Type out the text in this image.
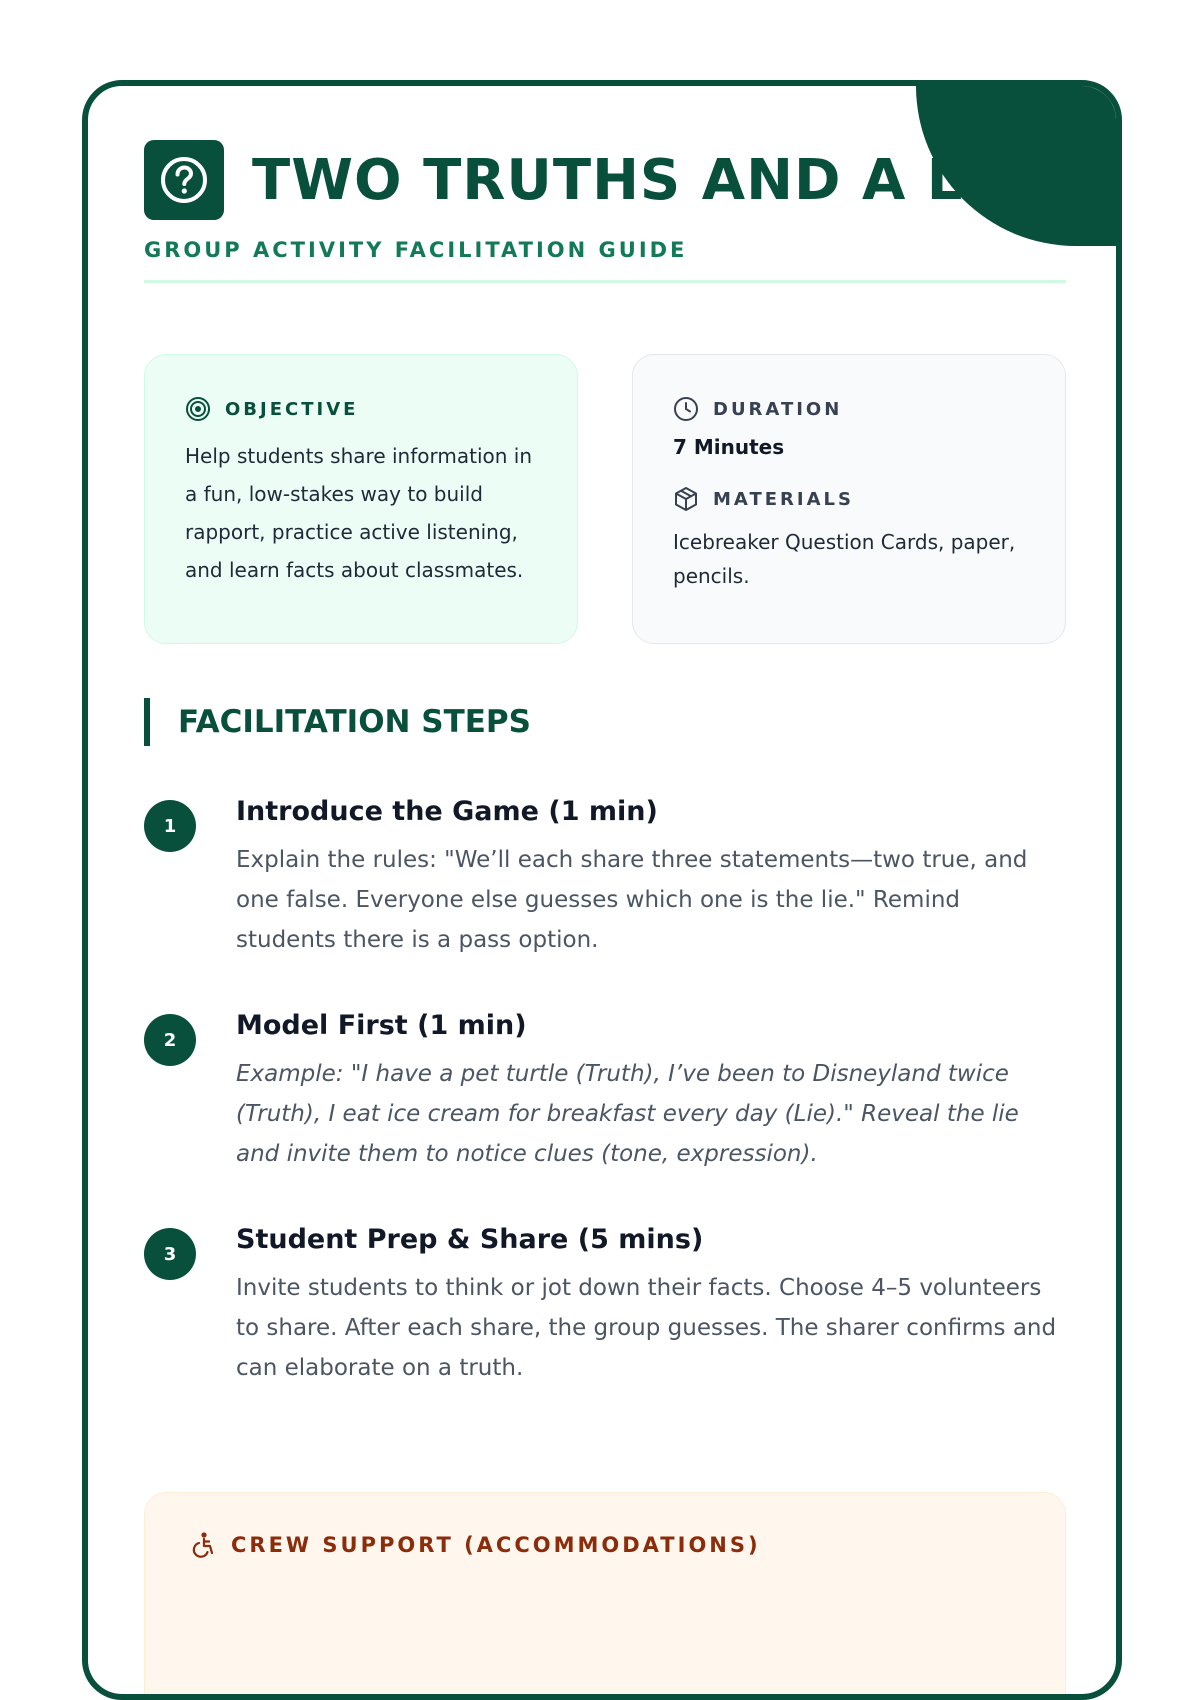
TWO TRUTHS AND A LIE
GROUP ACTIVITY FACILITATION GUIDE
OBJECTIVE
Help students share information in a fun, low-stakes way to build rapport, practice active listening, and learn facts about classmates.
DURATION
7 Minutes
MATERIALS
Icebreaker Question Cards, paper, pencils.
FACILITATION STEPS
1	Introduce the Game (1 min)
Explain the rules: "We’ll each share three statements—two true, and one false. Everyone else guesses which one is the lie." Remind students there is a pass option.
2	Model First (1 min)
Example: "I have a pet turtle (Truth), I’ve been to Disneyland twice (Truth), I eat ice cream for breakfast every day (Lie)." Reveal the lie and invite them to notice clues (tone, expression).
3	Student Prep & Share (5 mins)
Invite students to think or jot down their facts. Choose 4–5 volunteers to share. After each share, the group guesses. The sharer confirms and can elaborate on a truth.
CREW SUPPORT (ACCOMMODATIONS)
